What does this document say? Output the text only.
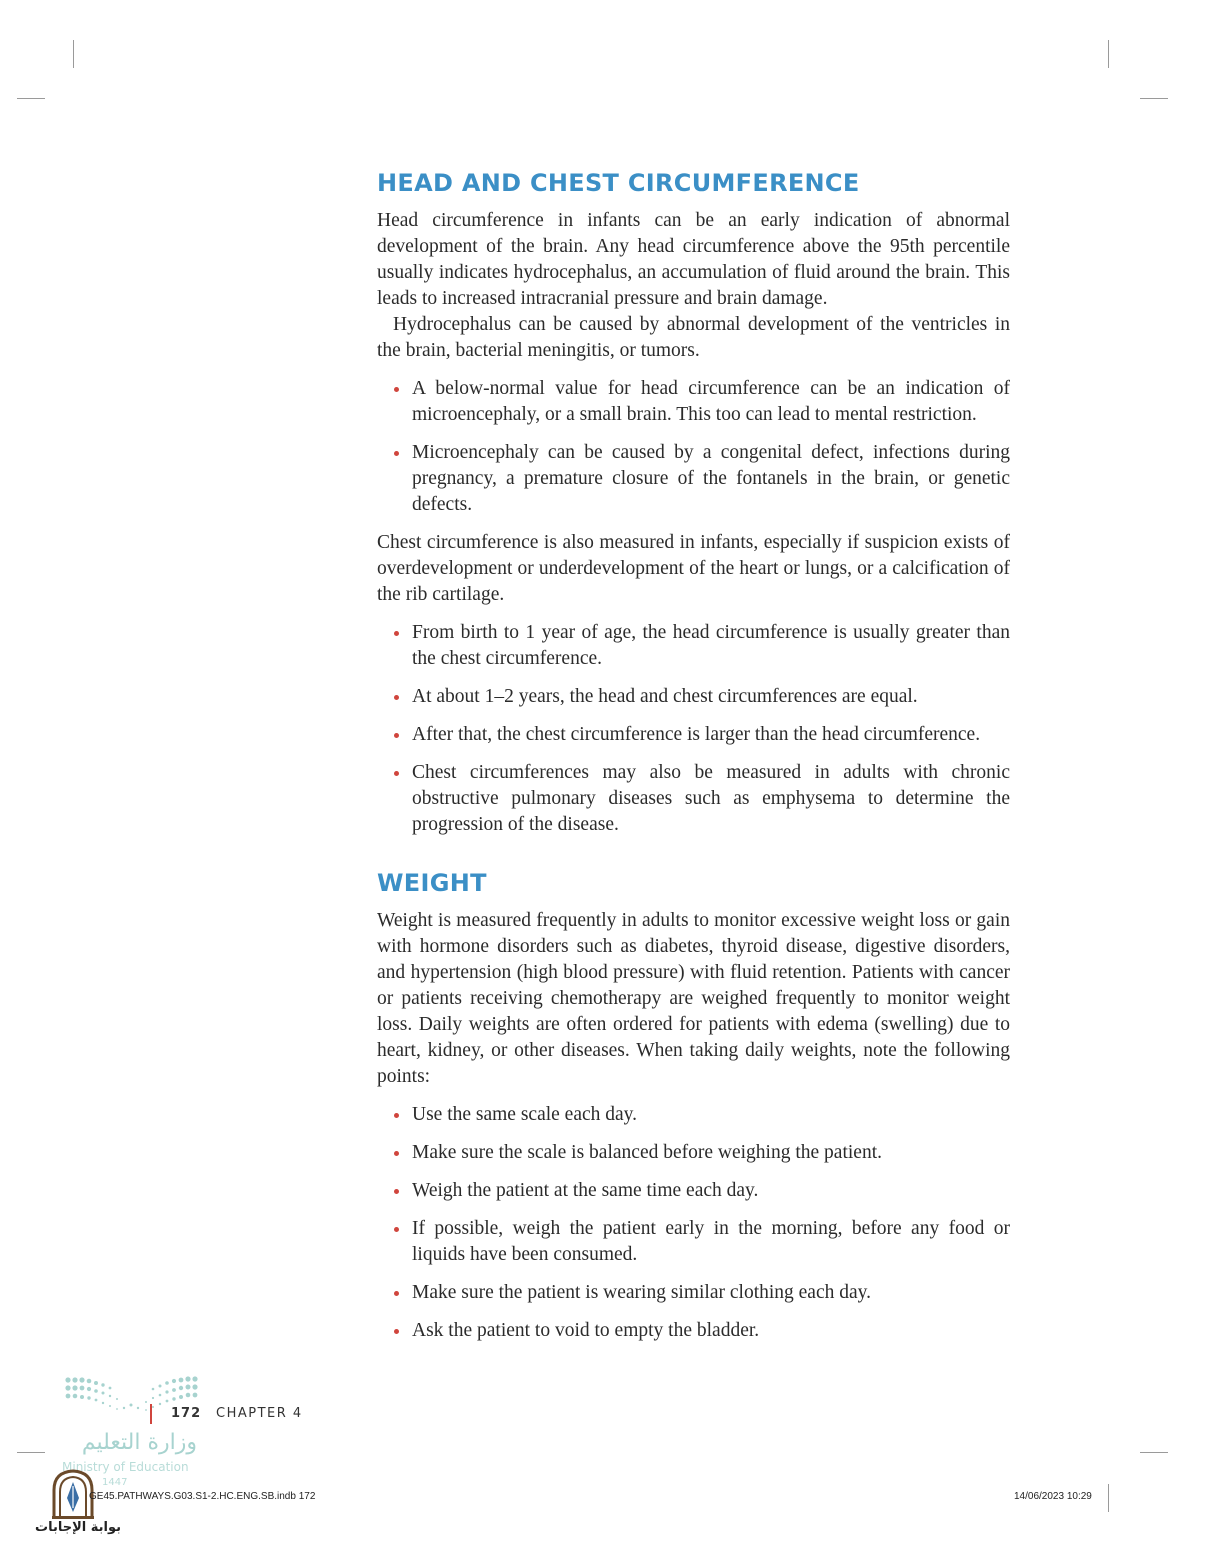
HEAD AND CHEST CIRCUMFERENCE

Head circumference in infants can be an early indication of abnormal development of the brain. Any head circumference above the 95th percentile usually indicates hydrocephalus, an accumulation of fluid around the brain. This leads to increased intracranial pressure and brain damage.

Hydrocephalus can be caused by abnormal development of the ventricles in the brain, bacterial meningitis, or tumors.

A below-normal value for head circumference can be an indication of microencephaly, or a small brain. This too can lead to mental restriction.
Microencephaly can be caused by a congenital defect, infections during pregnancy, a premature closure of the fontanels in the brain, or genetic defects.

Chest circumference is also measured in infants, especially if suspicion exists of overdevelopment or underdevelopment of the heart or lungs, or a calcification of the rib cartilage.

From birth to 1 year of age, the head circumference is usually greater than the chest circumference.
At about 1–2 years, the head and chest circumferences are equal.
After that, the chest circumference is larger than the head circumference.
Chest circumferences may also be measured in adults with chronic obstructive pulmonary diseases such as emphysema to determine the progression of the disease.
WEIGHT

Weight is measured frequently in adults to monitor excessive weight loss or gain with hormone disorders such as diabetes, thyroid disease, digestive disorders, and hypertension (high blood pressure) with fluid retention. Patients with cancer or patients receiving chemotherapy are weighed frequently to monitor weight loss. Daily weights are often ordered for patients with edema (swelling) due to heart, kidney, or other diseases. When taking daily weights, note the following points:

Use the same scale each day.
Make sure the scale is balanced before weighing the patient.
Weigh the patient at the same time each day.
If possible, weigh the patient early in the morning, before any food or liquids have been consumed.
Make sure the patient is wearing similar clothing each day.
Ask the patient to void to empty the bladder.
172 CHAPTER 4
وزارة التعليم
Ministry of Education
1447
GE45.PATHWAYS.G03.S1-2.HC.ENG.SB.indb 172	14/06/2023 10:29
بوابة الإجابات
